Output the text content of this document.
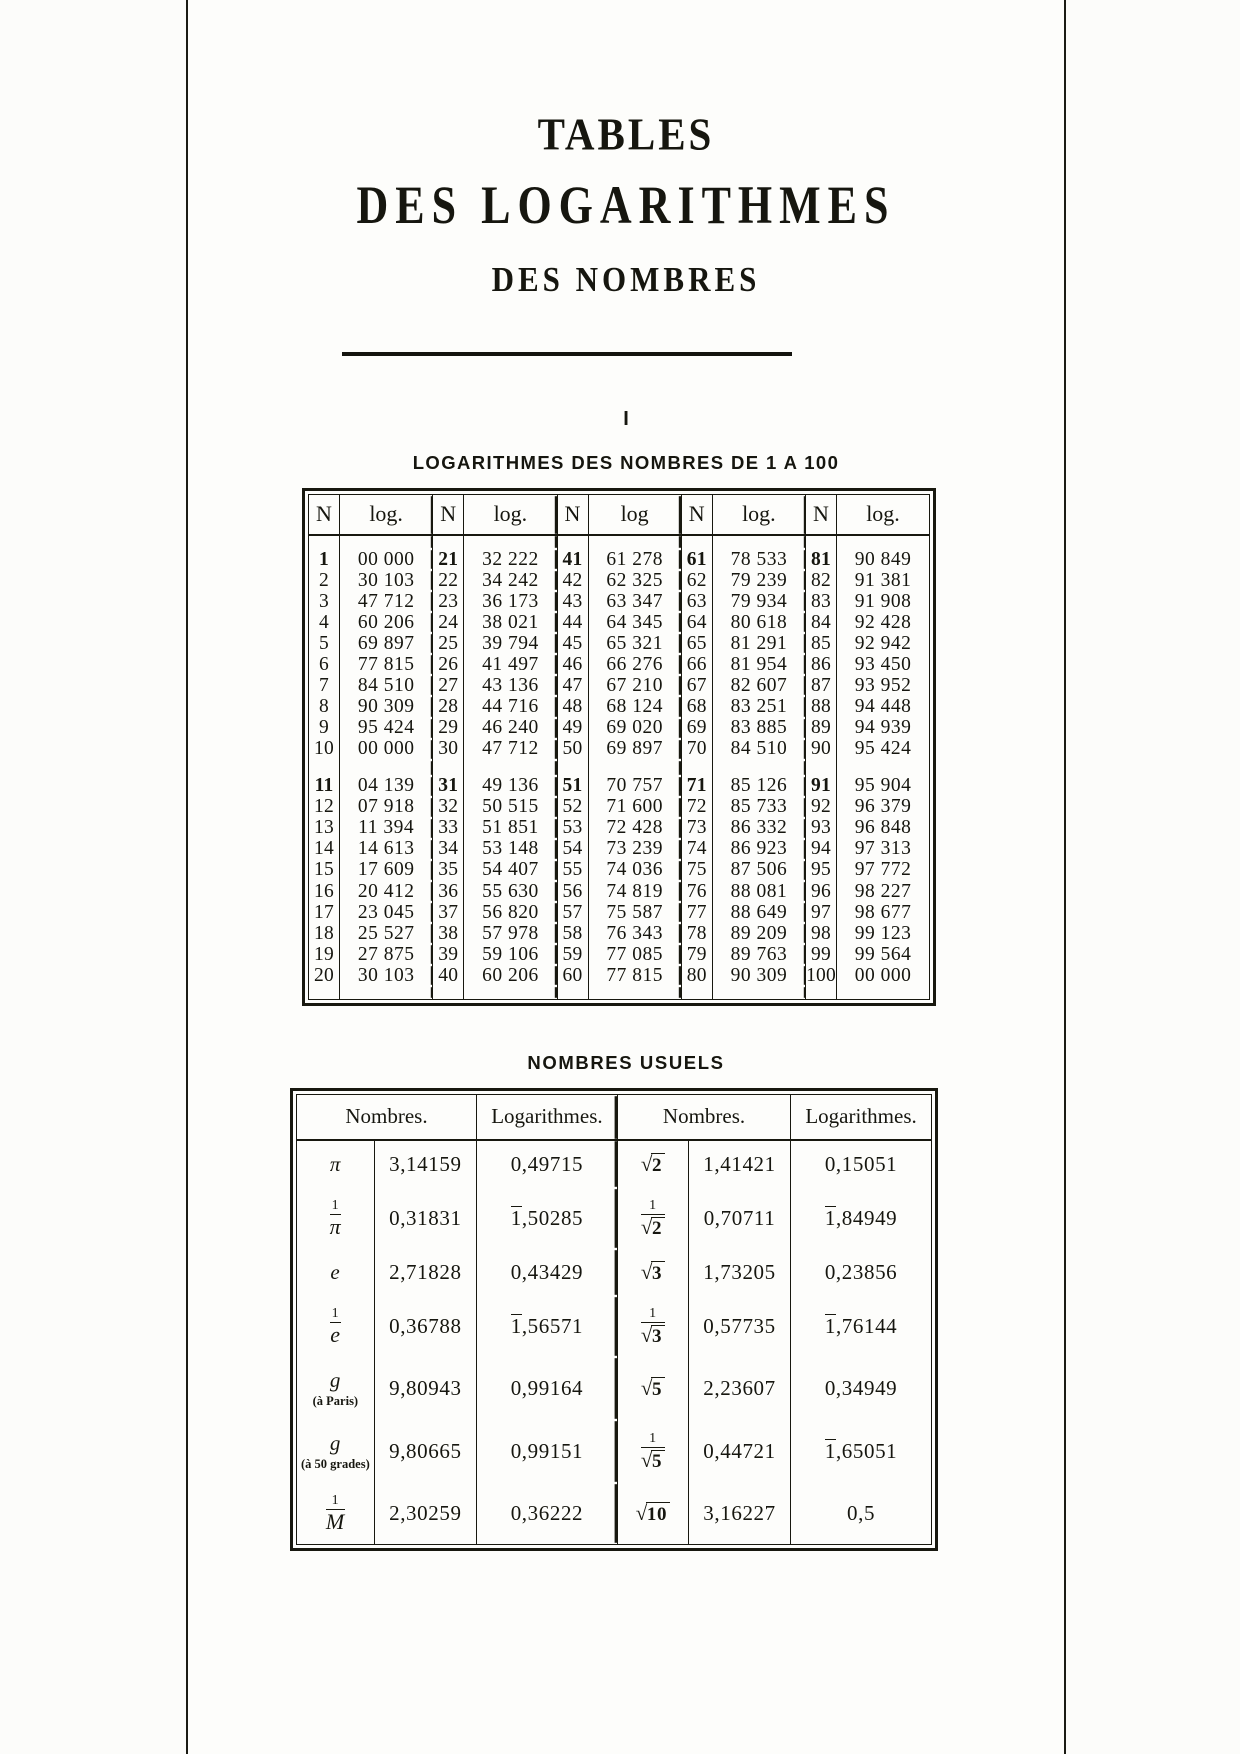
TABLES
DES LOGARITHMES
DES NOMBRES
I
LOGARITHMES DES NOMBRES DE 1 A 100
N	log.	N	log.	N	log	N	log.	N	log.

1	00 000	21	32 222	41	61 278	61	78 533	81	90 849
2	30 103	22	34 242	42	62 325	62	79 239	82	91 381
3	47 712	23	36 173	43	63 347	63	79 934	83	91 908
4	60 206	24	38 021	44	64 345	64	80 618	84	92 428
5	69 897	25	39 794	45	65 321	65	81 291	85	92 942
6	77 815	26	41 497	46	66 276	66	81 954	86	93 450
7	84 510	27	43 136	47	67 210	67	82 607	87	93 952
8	90 309	28	44 716	48	68 124	68	83 251	88	94 448
9	95 424	29	46 240	49	69 020	69	83 885	89	94 939
10	00 000	30	47 712	50	69 897	70	84 510	90	95 424

11	04 139	31	49 136	51	70 757	71	85 126	91	95 904
12	07 918	32	50 515	52	71 600	72	85 733	92	96 379
13	11 394	33	51 851	53	72 428	73	86 332	93	96 848
14	14 613	34	53 148	54	73 239	74	86 923	94	97 313
15	17 609	35	54 407	55	74 036	75	87 506	95	97 772
16	20 412	36	55 630	56	74 819	76	88 081	96	98 227
17	23 045	37	56 820	57	75 587	77	88 649	97	98 677
18	25 527	38	57 978	58	76 343	78	89 209	98	99 123
19	27 875	39	59 106	59	77 085	79	89 763	99	99 564
20	30 103	40	60 206	60	77 815	80	90 309	100	00 000

NOMBRES USUELS
Nombres.		Logarithmes.	Nombres.		Logarithmes.
π	3,14159	0,49715	√2	1,41421	0,15051

$\frac{1}{\pi}$	0,31831	1,50285	$\frac{1}{√2}$	0,70711	1,84949
e	2,71828	0,43429	√3	1,73205	0,23856

$\frac{1}{e}$	0,36788	1,56571	$\frac{1}{√3}$	0,57735	1,76144
g
(à Paris)	9,80943	0,99164	√5	2,23607	0,34949
g
(à 50 grades)	9,80665	0,99151	$\frac{1}{√5}$	0,44721	1,65051

$\frac{1}{M}$	2,30259	0,36222	√10	3,16227	0,5
